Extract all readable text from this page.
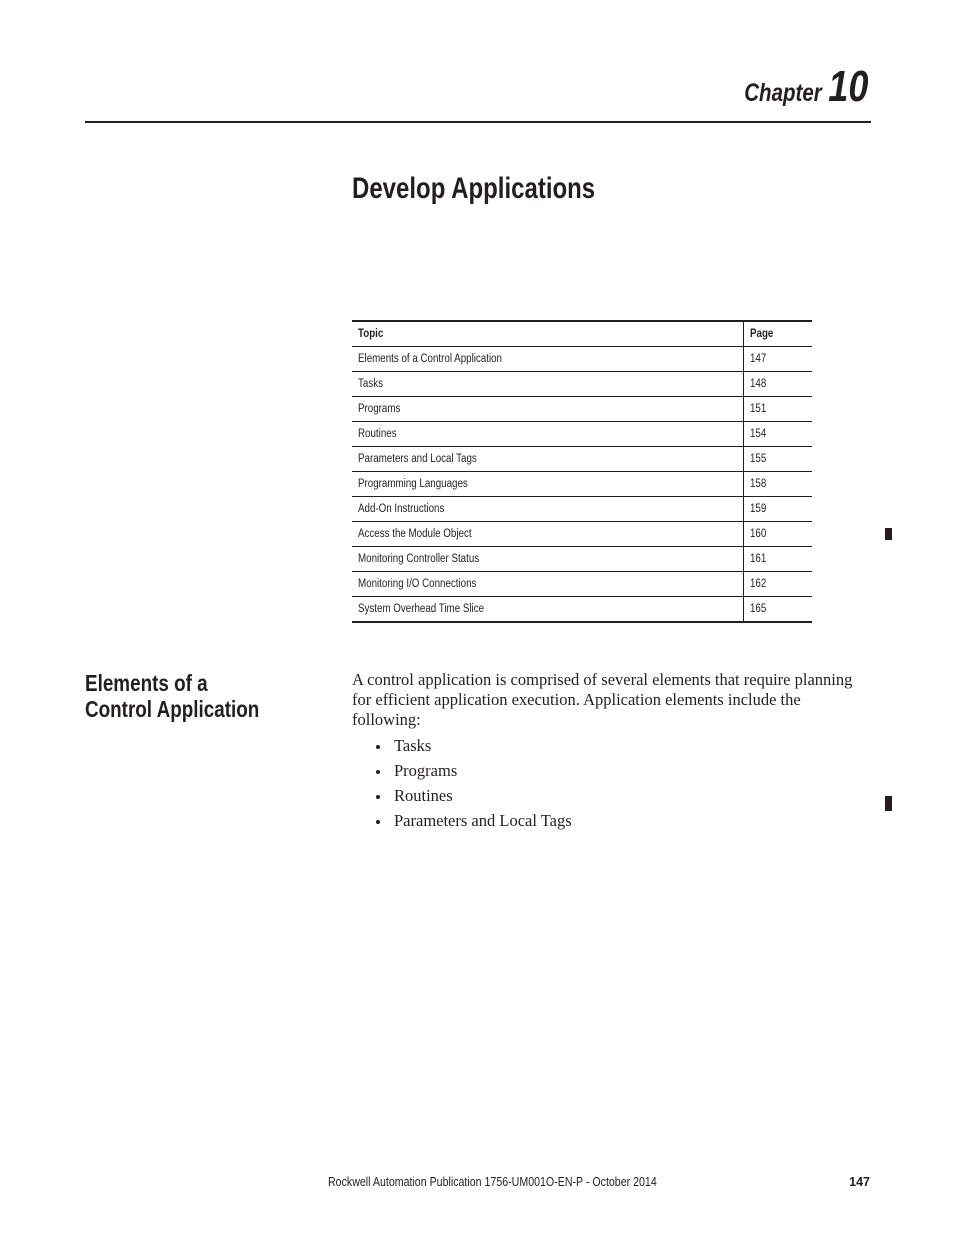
Chapter 10
Develop Applications
Topic	Page
Elements of a Control Application	147
Tasks	148
Programs	151
Routines	154
Parameters and Local Tags	155
Programming Languages	158
Add-On Instructions	159
Access the Module Object	160
Monitoring Controller Status	161
Monitoring I/O Connections	162
System Overhead Time Slice	165
Elements of a
Control Application

A control application is comprised of several elements that require planning for efficient application execution. Application elements include the following:

Tasks
Programs
Routines
Parameters and Local Tags
Rockwell Automation Publication 1756-UM001O-EN-P - October 2014	147
